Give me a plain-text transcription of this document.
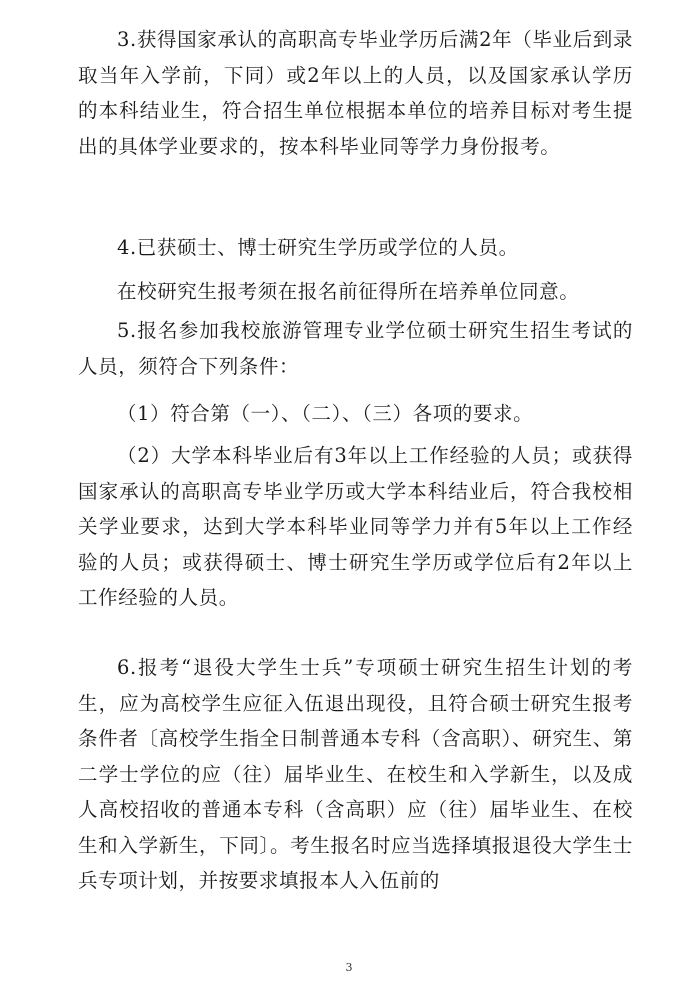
3.获得国家承认的高职高专毕业学历后满2年（毕业后到录取当年入学前，下同）或2年以上的人员，以及国家承认学历的本科结业生，符合招生单位根据本单位的培养目标对考生提出的具体学业要求的，按本科毕业同等学力身份报考。

4.已获硕士、博士研究生学历或学位的人员。

在校研究生报考须在报名前征得所在培养单位同意。

5.报名参加我校旅游管理专业学位硕士研究生招生考试的人员，须符合下列条件：

（1）符合第（一）、（二）、（三）各项的要求。

（2）大学本科毕业后有3年以上工作经验的人员；或获得国家承认的高职高专毕业学历或大学本科结业后，符合我校相关学业要求，达到大学本科毕业同等学力并有5年以上工作经验的人员；或获得硕士、博士研究生学历或学位后有2年以上工作经验的人员。

6.报考“退役大学生士兵”专项硕士研究生招生计划的考生，应为高校学生应征入伍退出现役，且符合硕士研究生报考条件者〔高校学生指全日制普通本专科（含高职）、研究生、第二学士学位的应（往）届毕业生、在校生和入学新生，以及成人高校招收的普通本专科（含高职）应（往）届毕业生、在校生和入学新生，下同〕。考生报名时应当选择填报退役大学生士兵专项计划，并按要求填报本人入伍前的

3
